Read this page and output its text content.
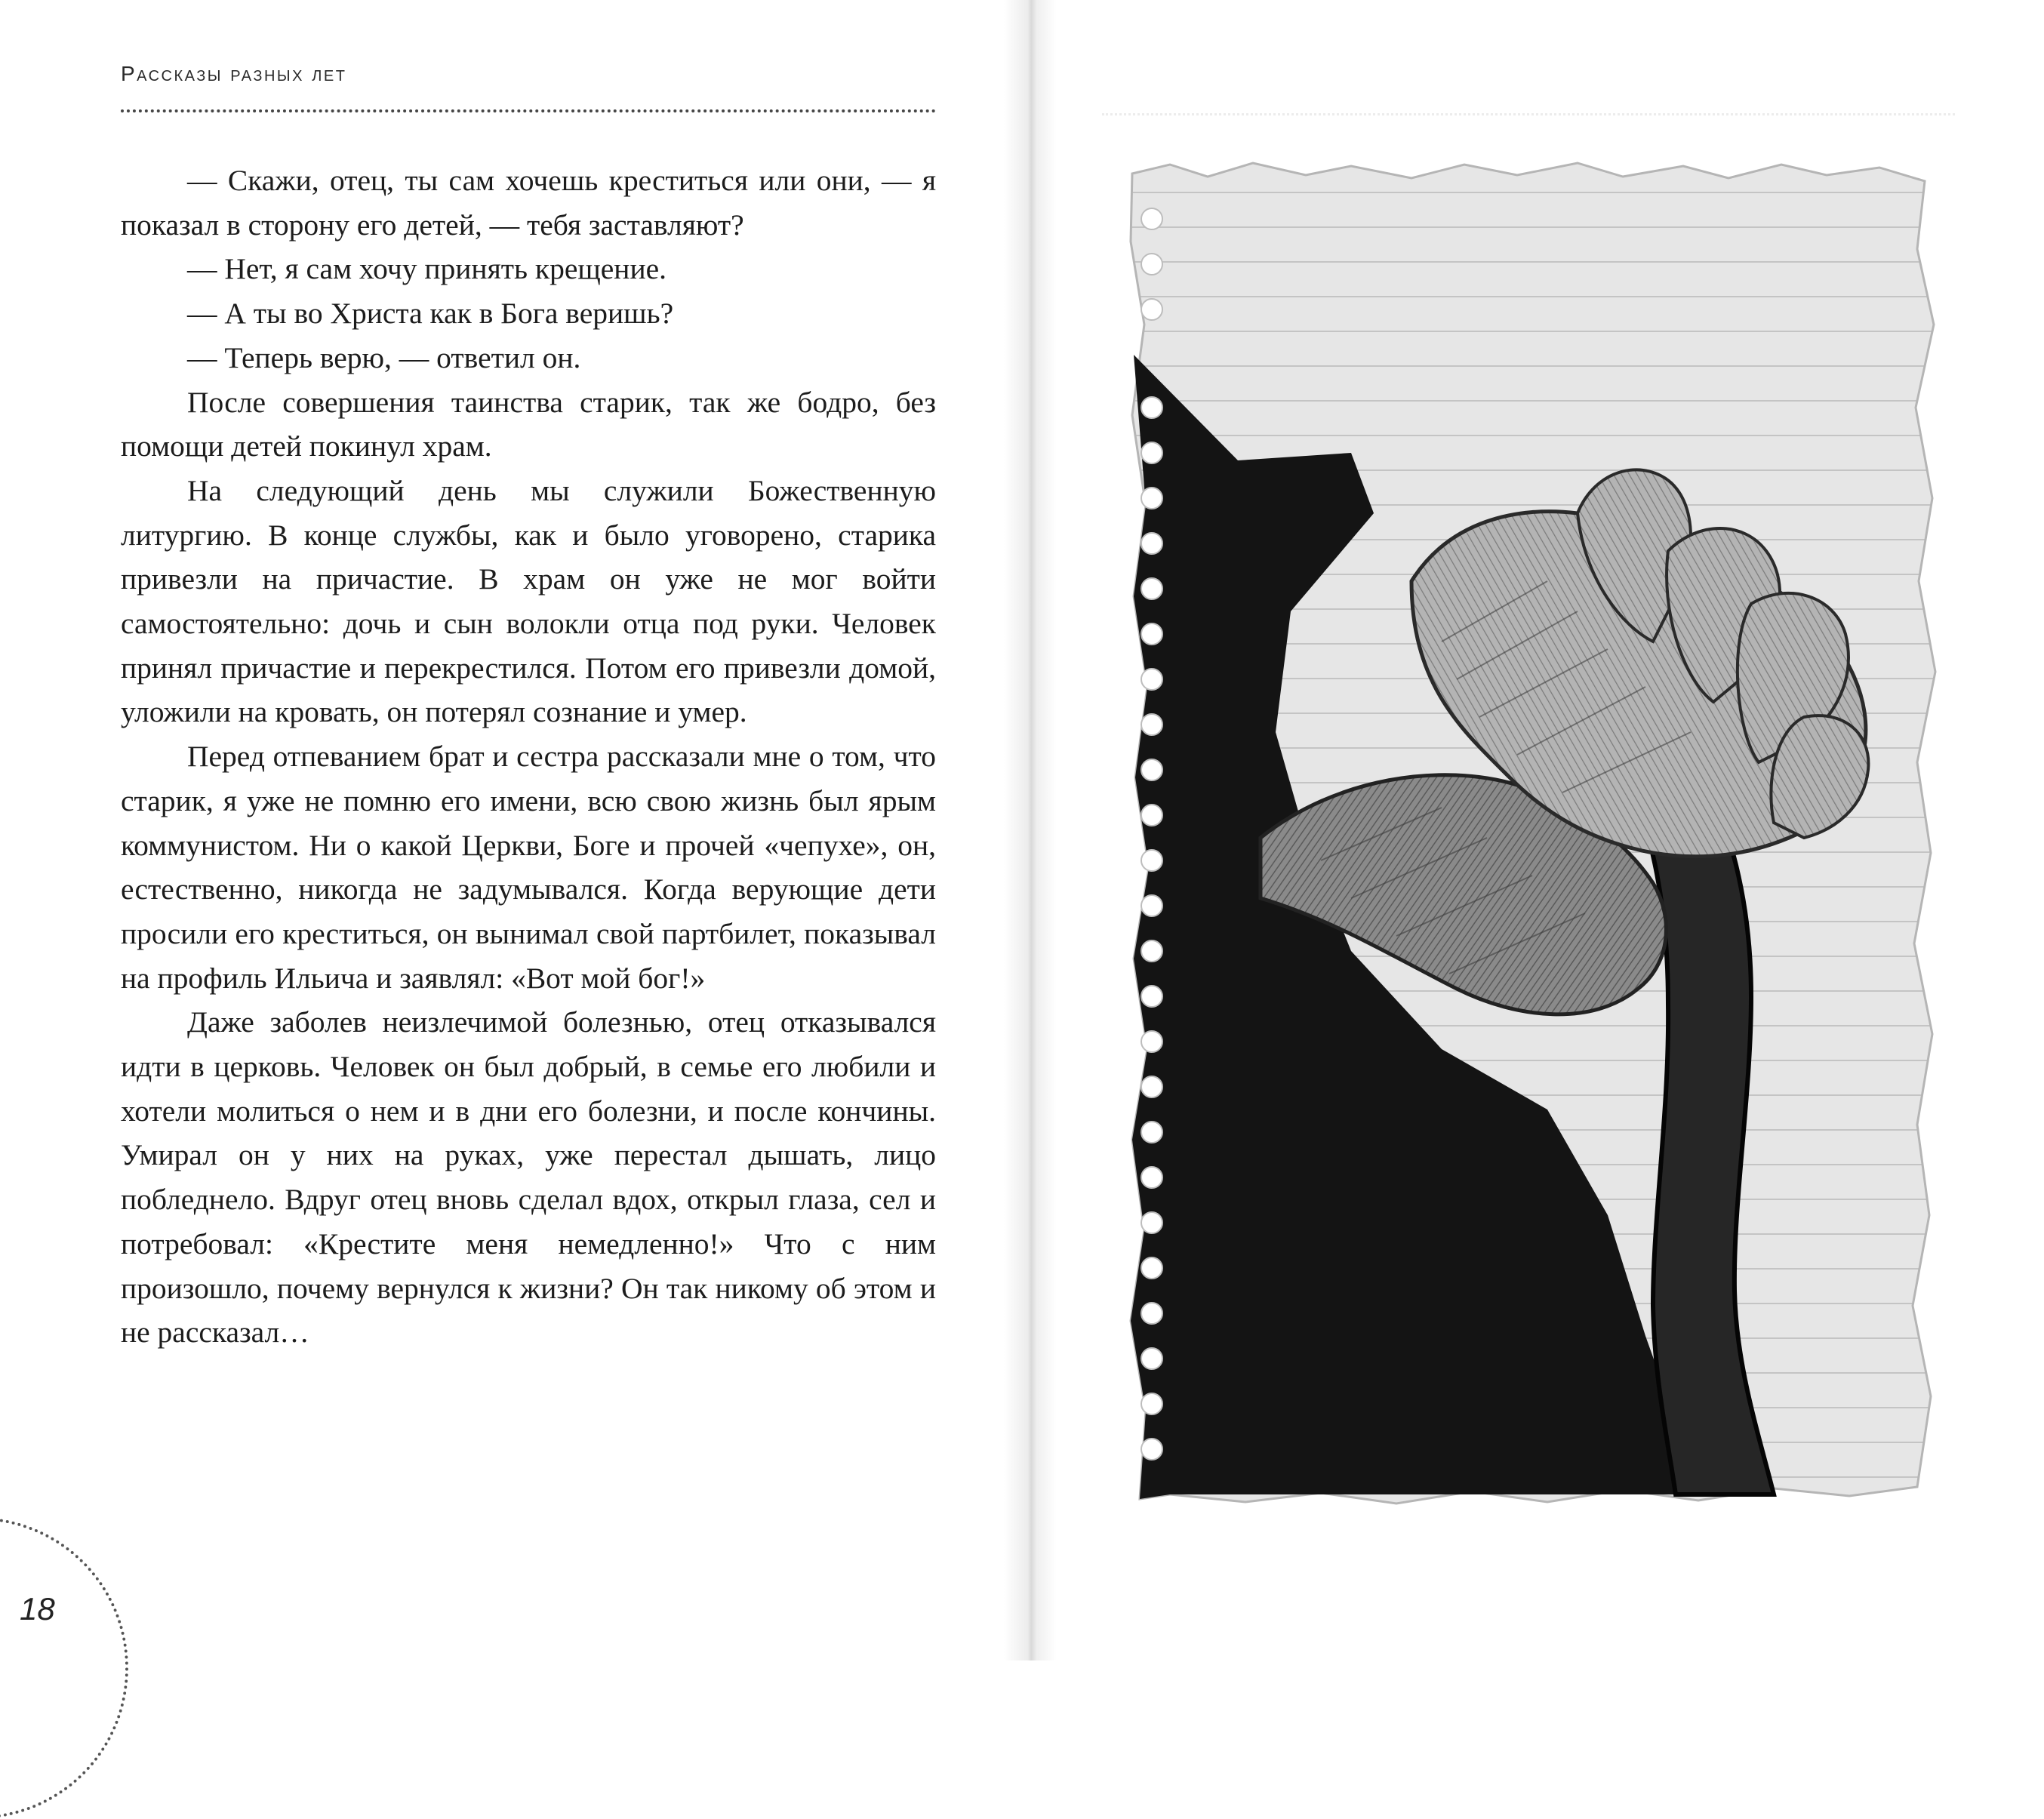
Рассказы разных лет

— Скажи, отец, ты сам хочешь креститься или они, — я показал в сторону его детей, — тебя заставляют?

— Нет, я сам хочу принять крещение.

— А ты во Христа как в Бога веришь?

— Теперь верю, — ответил он.

После совершения таинства старик, так же бодро, без помощи детей покинул храм.

На следующий день мы служили Божественную литургию. В конце службы, как и было уговорено, старика привезли на причастие. В храм он уже не мог войти самостоятельно: дочь и сын волокли отца под руки. Человек принял причастие и перекрестился. Потом его привезли домой, уложили на кровать, он потерял сознание и умер.

Перед отпеванием брат и сестра рассказали мне о том, что старик, я уже не помню его имени, всю свою жизнь был ярым коммунистом. Ни о какой Церкви, Боге и прочей «чепухе», он, естественно, никогда не задумывался. Когда верующие дети просили его креститься, он вынимал свой партбилет, показывал на профиль Ильича и заявлял: «Вот мой бог!»

Даже заболев неизлечимой болезнью, отец отказывался идти в церковь. Человек он был добрый, в семье его любили и хотели молиться о нем и в дни его болезни, и после кончины. Умирал он у них на руках, уже перестал дышать, лицо побледнело. Вдруг отец вновь сделал вдох, открыл глаза, сел и потребовал: «Крестите меня немедленно!» Что с ним произошло, почему вернулся к жизни? Он так никому об этом и не рассказал…

18
